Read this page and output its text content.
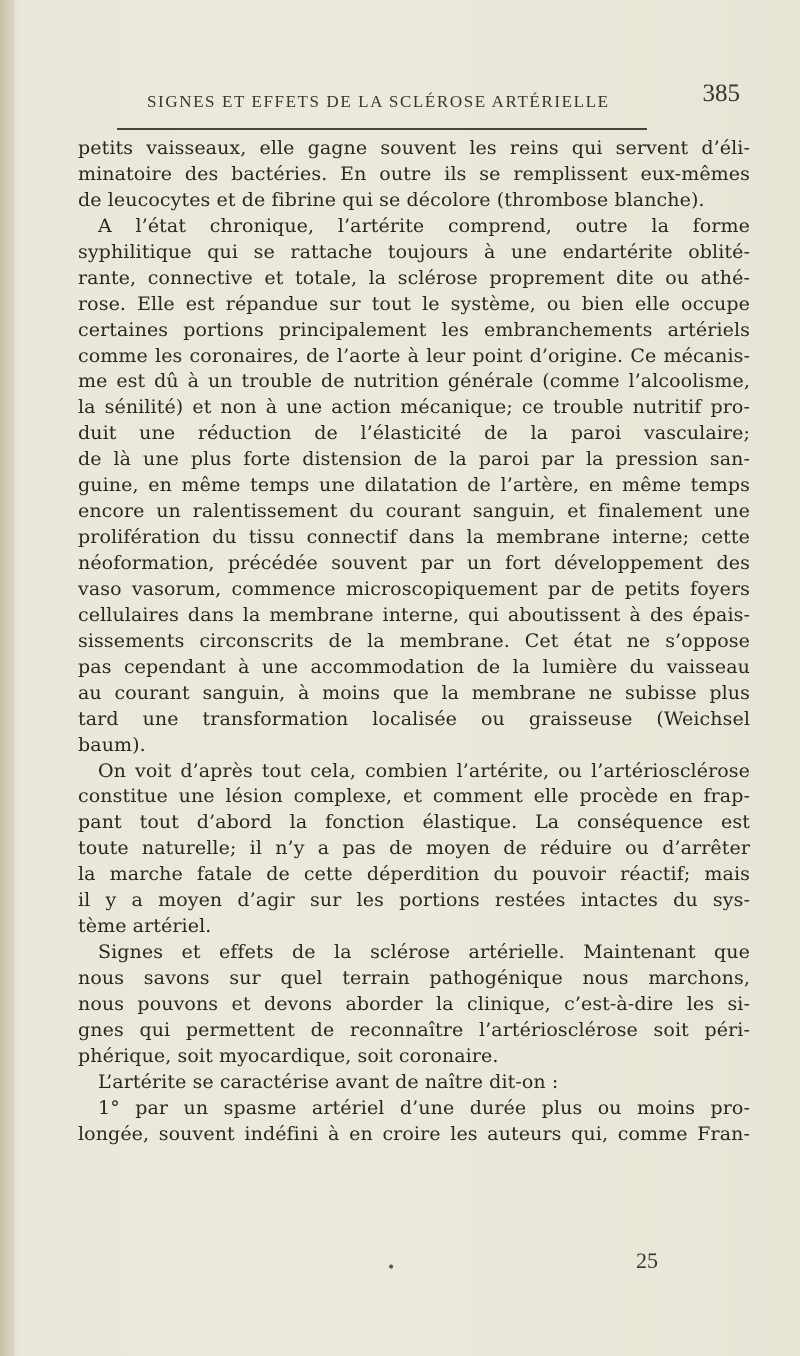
SIGNES ET EFFETS DE LA SCLÉROSE ARTÉRIELLE	385
petits vaisseaux, elle gagne souvent les reins qui servent d’éli-
minatoire des bactéries. En outre ils se remplissent eux-mêmes
de leucocytes et de fibrine qui se décolore (thrombose blanche).
A l’état chronique, l’artérite comprend, outre la forme
syphilitique qui se rattache toujours à une endartérite oblité-
rante, connective et totale, la sclérose proprement dite ou athé-
rose. Elle est répandue sur tout le système, ou bien elle occupe
certaines portions principalement les embranchements artériels
comme les coronaires, de l’aorte à leur point d’origine. Ce mécanis-
me est dû à un trouble de nutrition générale (comme l’alcoolisme,
la sénilité) et non à une action mécanique; ce trouble nutritif pro-
duit une réduction de l’élasticité de la paroi vasculaire;
de là une plus forte distension de la paroi par la pression san-
guine, en même temps une dilatation de l’artère, en même temps
encore un ralentissement du courant sanguin, et finalement une
prolifération du tissu connectif dans la membrane interne; cette
néoformation, précédée souvent par un fort développement des
vaso vasorum, commence microscopiquement par de petits foyers
cellulaires dans la membrane interne, qui aboutissent à des épais-
sissements circonscrits de la membrane. Cet état ne s’oppose
pas cependant à une accommodation de la lumière du vaisseau
au courant sanguin, à moins que la membrane ne subisse plus
tard une transformation localisée ou graisseuse (Weichsel
baum).
On voit d’après tout cela, combien l’artérite, ou l’artériosclérose
constitue une lésion complexe, et comment elle procède en frap-
pant tout d’abord la fonction élastique. La conséquence est
toute naturelle; il n’y a pas de moyen de réduire ou d’arrêter
la marche fatale de cette déperdition du pouvoir réactif; mais
il y a moyen d’agir sur les portions restées intactes du sys-
tème artériel.
Signes et effets de la sclérose artérielle. Maintenant que
nous savons sur quel terrain pathogénique nous marchons,
nous pouvons et devons aborder la clinique, c’est-à-dire les si-
gnes qui permettent de reconnaître l’artériosclérose soit péri-
phérique, soit myocardique, soit coronaire.
L’artérite se caractérise avant de naître dit-on :
1° par un spasme artériel d’une durée plus ou moins pro-
longée, souvent indéfini à en croire les auteurs qui, comme Fran-
•	25
